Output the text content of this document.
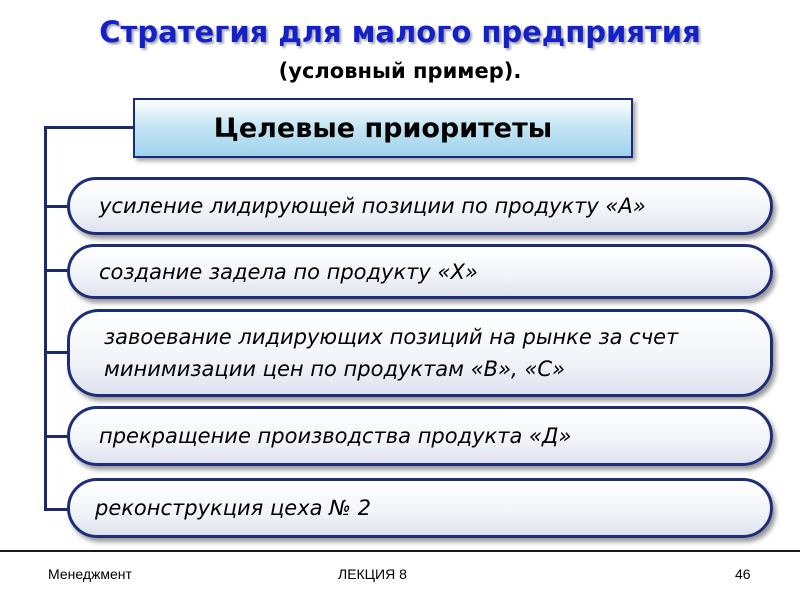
Стратегия для малого предприятия
(условный пример).
Целевые приоритеты
усиление лидирующей позиции по продукту «А»
создание задела по продукту «Х»
завоевание лидирующих позиций на рынке за счет минимизации цен по продуктам «В», «С»
прекращение производства продукта «Д»
реконструкция цеха № 2
Менеджмент	ЛЕКЦИЯ 8	46
